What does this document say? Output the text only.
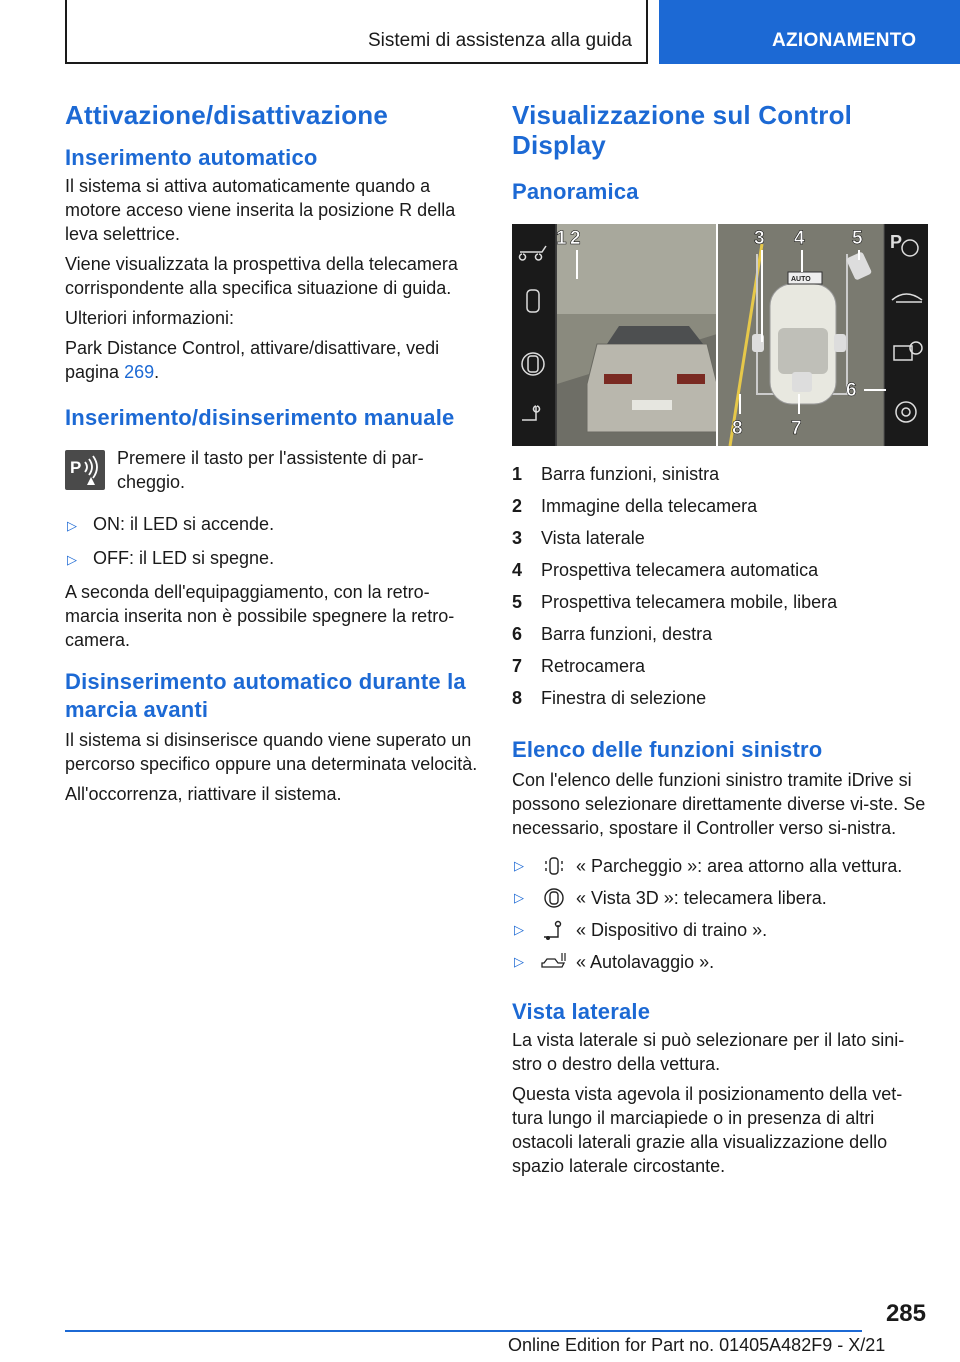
Sistemi di assistenza alla guida	AZIONAMENTO
Attivazione/disattivazione
Inserimento automatico

Il sistema si attiva automaticamente quando a motore acceso viene inserita la posizione R della leva selettrice.

Viene visualizzata la prospettiva della telecamera corrispondente alla specifica situazione di guida.

Ulteriori informazioni:

Park Distance Control, attivare/disattivare, vedi pagina 269.

Inserimento/disinserimento manuale
P Premere il tasto per l'assistente di par-cheggio.

▷ ON: il LED si accende.
▷ OFF: il LED si spegne.

A seconda dell'equipaggiamento, con la retro-marcia inserita non è possibile spegnere la retro-camera.

Disinserimento automatico durante la marcia avanti

Il sistema si disinserisce quando viene superato un percorso specifico oppure una determinata velocità.

All'occorrenza, riattivare il sistema.

Visualizzazione sul Control Display
Panoramica
AUTO
P
1 2	3 4 5
6
7
8
1	Barra funzioni, sinistra
2	Immagine della telecamera
3	Vista laterale
4	Prospettiva telecamera automatica
5	Prospettiva telecamera mobile, libera
6	Barra funzioni, destra
7	Retrocamera
8	Finestra di selezione
Elenco delle funzioni sinistro

Con l'elenco delle funzioni sinistro tramite iDrive si possono selezionare direttamente diverse vi-ste. Se necessario, spostare il Controller verso si-nistra.

▷	« Parcheggio »: area attorno alla vettura.
▷	« Vista 3D »: telecamera libera.
▷	« Dispositivo di traino ».
▷	« Autolavaggio ».
Vista laterale

La vista laterale si può selezionare per il lato sini-stro o destro della vettura.

Questa vista agevola il posizionamento della vet-tura lungo il marciapiede o in presenza di altri ostacoli laterali grazie alla visualizzazione dello spazio laterale circostante.

285
Online Edition for Part no. 01405A482F9 - X/21
